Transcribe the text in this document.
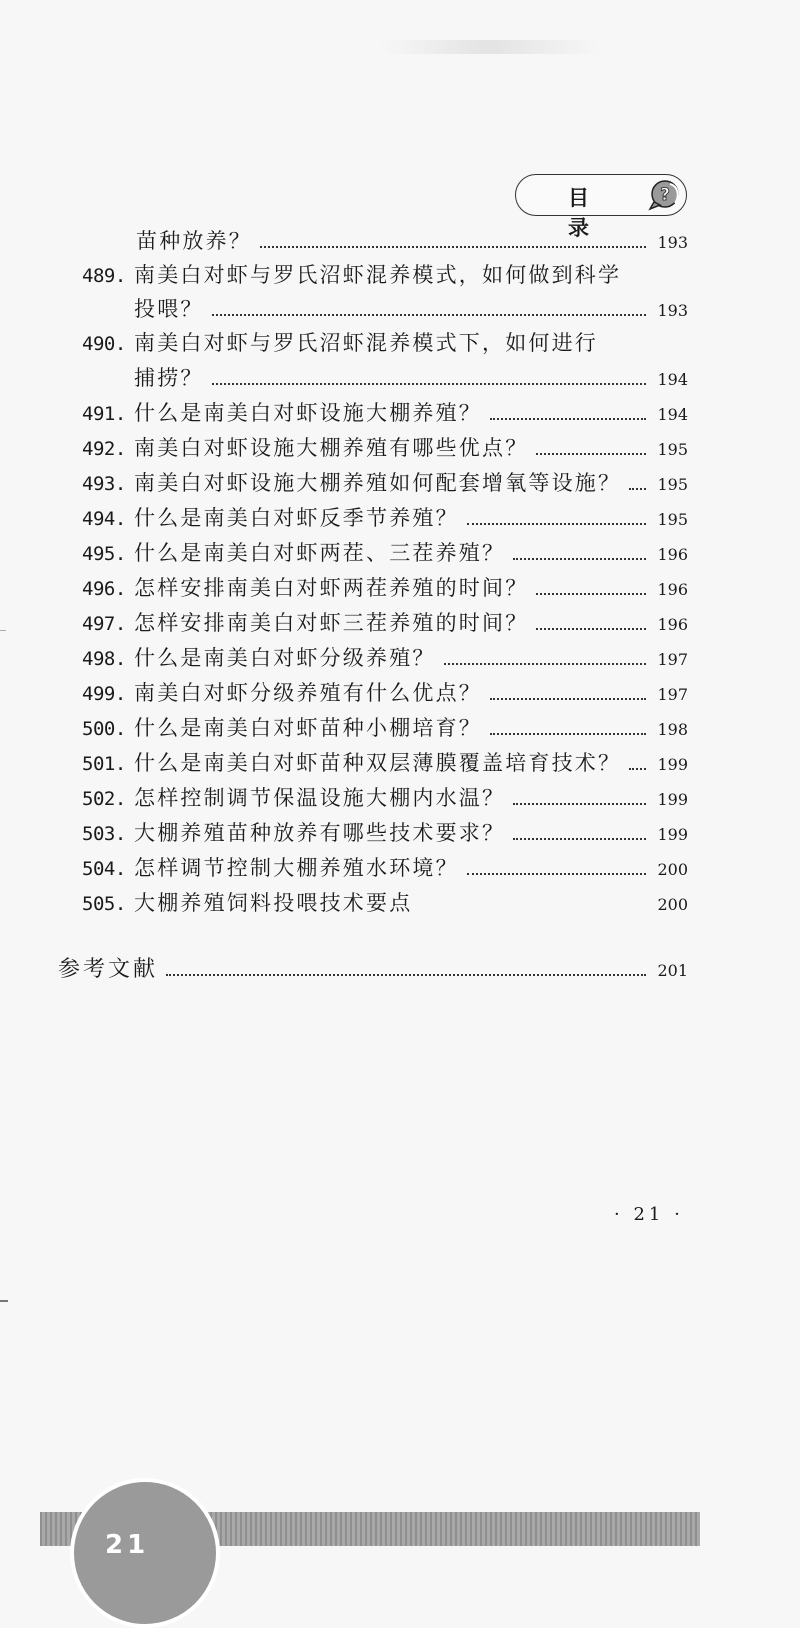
目 录
?
苗种放养？	193
489. 南美白对虾与罗氏沼虾混养模式，如何做到科学
投喂？	193
490. 南美白对虾与罗氏沼虾混养模式下，如何进行
捕捞？	194
491. 什么是南美白对虾设施大棚养殖？	194
492. 南美白对虾设施大棚养殖有哪些优点？	195
493. 南美白对虾设施大棚养殖如何配套增氧等设施？ 195
494. 什么是南美白对虾反季节养殖？	195
495. 什么是南美白对虾两茬、三茬养殖？	196
496. 怎样安排南美白对虾两茬养殖的时间？	196
497. 怎样安排南美白对虾三茬养殖的时间？	196
498. 什么是南美白对虾分级养殖？	197
499. 南美白对虾分级养殖有什么优点？	197
500. 什么是南美白对虾苗种小棚培育？	198
501. 什么是南美白对虾苗种双层薄膜覆盖培育技术？ 199
502. 怎样控制调节保温设施大棚内水温？	199
503. 大棚养殖苗种放养有哪些技术要求？	199
504. 怎样调节控制大棚养殖水环境？	200
505. 大棚养殖饲料投喂技术要点	200
参考文献	201
· 21 ·
21
